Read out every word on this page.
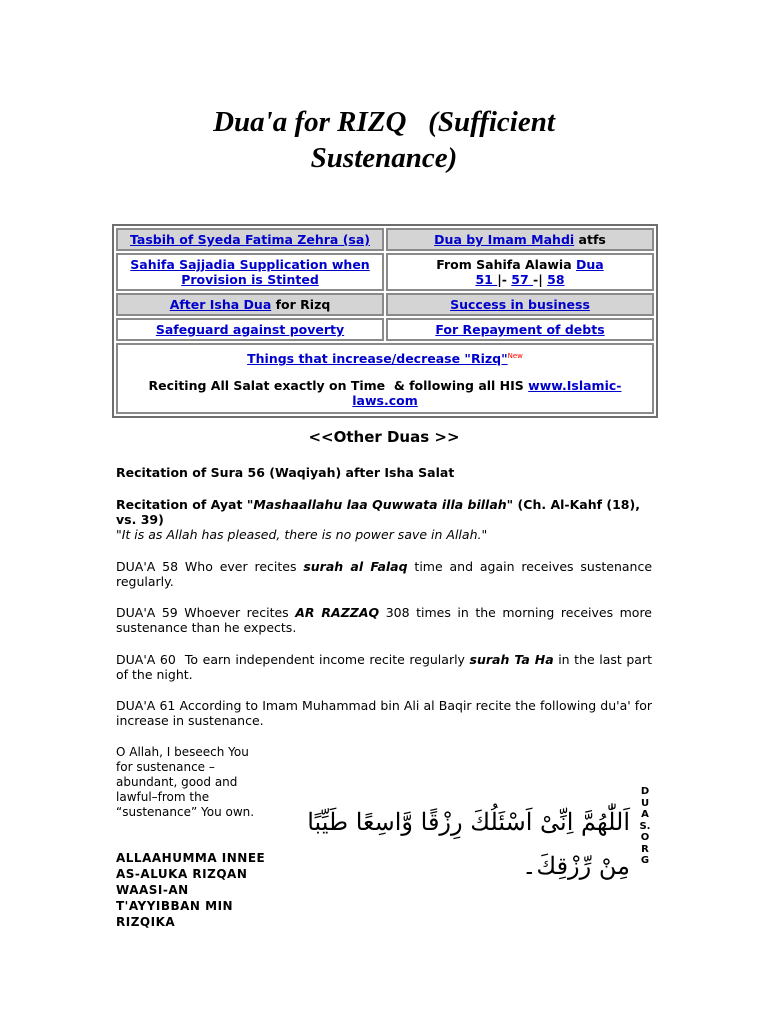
Dua'a for RIZQ   (Sufficient
Sustenance)
Tasbih of Syeda Fatima Zehra (sa)	Dua by Imam Mahdi atfs
Sahifa Sajjadia Supplication when Provision is Stinted	From Sahifa Alawia Dua
51 |- 57 -| 58
After Isha Dua for Rizq	Success in business
Safeguard against poverty	For Repayment of debts
Things that increase/decrease "Rizq"$^{New}$
Reciting All Salat exactly on Time  & following all HIS www.Islamic-laws.com	
<<Other Duas >>
Recitation of Sura 56 (Waqiyah) after Isha Salat
Recitation of Ayat "Mashaallahu laa Quwwata illa billah" (Ch. Al-Kahf (18), vs. 39)
"It is as Allah has pleased, there is no power save in Allah."
DUA'A 58 Who ever recites surah al Falaq time and again receives sustenance regularly.
DUA'A 59 Whoever recites AR RAZZAQ 308 times in the morning receives more sustenance than he expects.
DUA'A 60  To earn independent income recite regularly surah Ta Ha in the last part of the night.
DUA'A 61 According to Imam Muhammad bin Ali al Baqir recite the following du'a' for increase in sustenance.
O Allah, I beseech You for sustenance – abundant, good and lawful–from the “sustenance” You own.
ALLAAHUMMA INNEE AS-ALUKA RIZQAN WAASI-AN T'AYYIBBAN MIN RIZQIKA
اَللّٰهُمَّ اِنِّىْ اَسْئَلُكَ رِزْقًا وَّاسِعًا طَيِّبًا مِنْ رِّزْقِكَ۔
DUAS.ORG
